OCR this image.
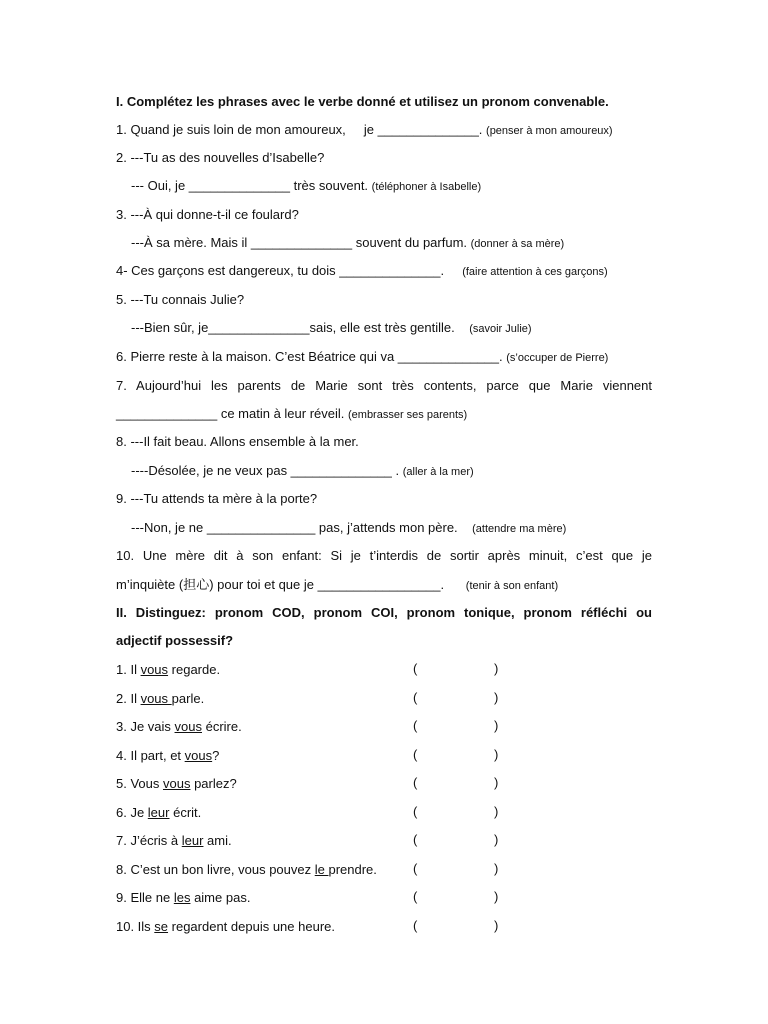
I. Complétez les phrases avec le verbe donné et utilisez un pronom convenable.
1. Quand je suis loin de mon amoureux,     je ______________. (penser à mon amoureux)
2. ---Tu as des nouvelles d’Isabelle?
--- Oui, je ______________ très souvent. (téléphoner à Isabelle)
3. ---À qui donne-t-il ce foulard?
---À sa mère. Mais il ______________ souvent du parfum. (donner à sa mère)
4- Ces garçons est dangereux, tu dois ______________.     (faire attention à ces garçons)
5. ---Tu connais Julie?
---Bien sûr, je______________sais, elle est très gentille.    (savoir Julie)
6. Pierre reste à la maison. C’est Béatrice qui va ______________. (s’occuper de Pierre)
7. Aujourd’hui les parents de Marie sont très contents, parce que Marie viennent
______________ ce matin à leur réveil. (embrasser ses parents)
8. ---Il fait beau. Allons ensemble à la mer.
----Désolée, je ne veux pas ______________ . (aller à la mer)
9. ---Tu attends ta mère à la porte?
---Non, je ne _______________ pas, j’attends mon père.    (attendre ma mère)
10. Une mère dit à son enfant: Si je t’interdis de sortir après minuit, c’est que je
m’inquiète (担心) pour toi et que je _________________.      (tenir à son enfant)
II. Distinguez: pronom COD, pronom COI, pronom tonique, pronom réfléchi ou
adjectif possessif?
1. Il vous regarde.	(	)
2. Il vous parle.	(	)
3. Je vais vous écrire.	(	)
4. Il part, et vous?	(	)
5. Vous vous parlez?	(	)
6. Je leur écrit.	(	)
7. J’écris à leur ami.	(	)
8. C’est un bon livre, vous pouvez le prendre.	(	)
9. Elle ne les aime pas.	(	)
10. Ils se regardent depuis une heure.	(	)
